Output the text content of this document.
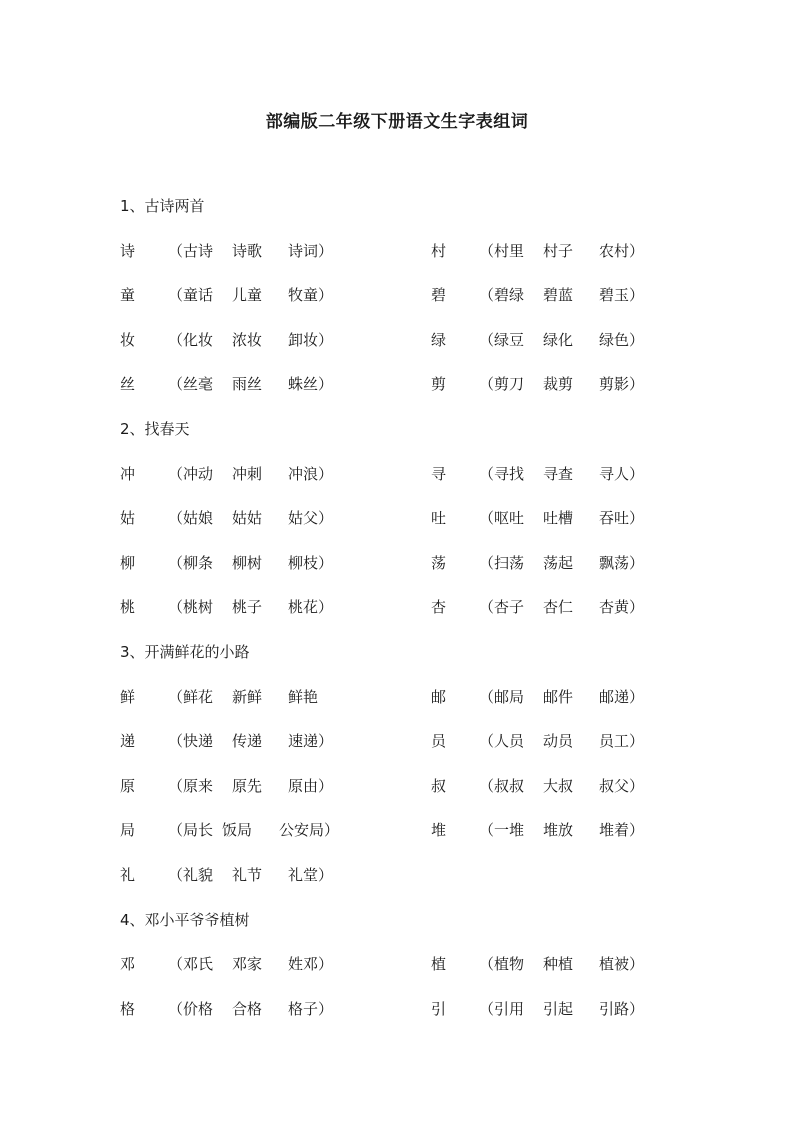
部编版二年级下册语文生字表组词
1、古诗两首
诗 （古诗 诗歌 诗词）	村 （村里 村子 农村）
童 （童话 儿童 牧童）	碧 （碧绿 碧蓝 碧玉）
妆 （化妆 浓妆 卸妆）	绿 （绿豆 绿化 绿色）
丝 （丝毫 雨丝 蛛丝）	剪 （剪刀 裁剪 剪影）
2、找春天
冲 （冲动 冲刺 冲浪）	寻 （寻找 寻查 寻人）
姑 （姑娘 姑姑 姑父）	吐 （呕吐 吐槽 吞吐）
柳 （柳条 柳树 柳枝）	荡 （扫荡 荡起 飘荡）
桃 （桃树 桃子 桃花）	杏 （杏子 杏仁 杏黄）
3、开满鲜花的小路
鲜 （鲜花 新鲜 鲜艳	邮 （邮局 邮件 邮递）
递 （快递 传递 速递）	员 （人员 动员 员工）
原 （原来 原先 原由）	叔 （叔叔 大叔 叔父）
局 （局长 饭局 公安局）	堆 （一堆 堆放 堆着）
礼 （礼貌 礼节 礼堂）
4、邓小平爷爷植树
邓 （邓氏 邓家 姓邓）	植 （植物 种植 植被）
格 （价格 合格 格子）	引 （引用 引起 引路）
